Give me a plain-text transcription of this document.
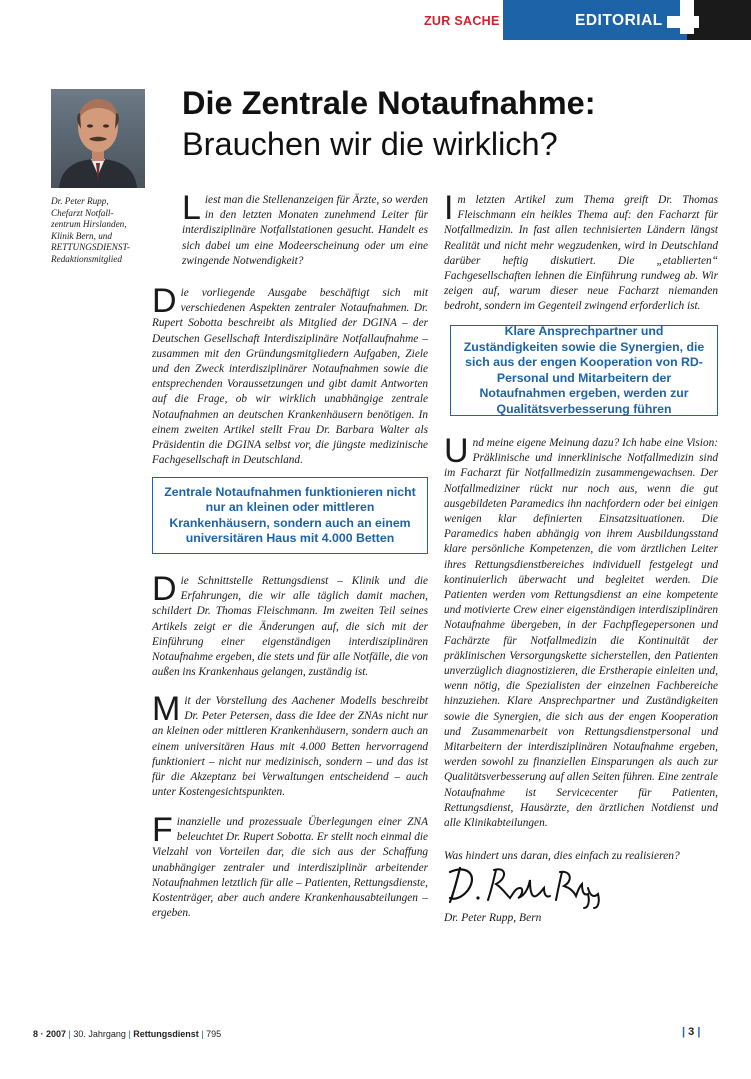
ZUR SACHE	EDITORIAL
Dr. Peter Rupp,
Chefarzt Notfall-
zentrum Hirslanden,
Klinik Bern, und
RETTUNGSDIENST-
Redaktionsmitglied
Die Zentrale Notaufnahme:
Brauchen wir die wirklich?

Liest man die Stellenanzeigen für Ärzte, so werden in den letzten Monaten zunehmend Leiter für interdisziplinäre Notfallstationen gesucht. Handelt es sich dabei um eine Modeerscheinung oder um eine zwingende Notwendigkeit?

Die vorliegende Ausgabe beschäftigt sich mit verschiedenen Aspekten zentraler Notaufnahmen. Dr. Rupert Sobotta beschreibt als Mitglied der DGINA – der Deutschen Gesellschaft Interdisziplinäre Notfallaufnahme – zusammen mit den Gründungsmitgliedern Aufgaben, Ziele und den Zweck interdisziplinärer Notaufnahmen sowie die entsprechenden Voraussetzungen und gibt damit Antworten auf die Frage, ob wir wirklich unabhängige zentrale Notaufnahmen an deutschen Krankenhäusern benötigen. In einem zweiten Artikel stellt Frau Dr. Barbara Walter als Präsidentin die DGINA selbst vor, die jüngste medizinische Fachgesellschaft in Deutschland.

Zentrale Notaufnahmen funktionieren nicht nur an kleinen oder mittleren Krankenhäusern, sondern auch an einem universitären Haus mit 4.000 Betten

Die Schnittstelle Rettungsdienst – Klinik und die Erfahrungen, die wir alle täglich damit machen, schildert Dr. Thomas Fleischmann. Im zweiten Teil seines Artikels zeigt er die Änderungen auf, die sich mit der Einführung einer eigenständigen interdisziplinären Notaufnahme ergeben, die stets und für alle Notfälle, die von außen ins Krankenhaus gelangen, zuständig ist.

Mit der Vorstellung des Aachener Modells beschreibt Dr. Peter Petersen, dass die Idee der ZNAs nicht nur an kleinen oder mittleren Krankenhäusern, sondern auch an einem universitären Haus mit 4.000 Betten hervorragend funktioniert – nicht nur medizinisch, sondern – und das ist für die Akzeptanz bei Verwaltungen entscheidend – auch unter Kostengesichtspunkten.

Finanzielle und prozessuale Überlegungen einer ZNA beleuchtet Dr. Rupert Sobotta. Er stellt noch einmal die Vielzahl von Vorteilen dar, die sich aus der Schaffung unabhängiger zentraler und interdisziplinär arbeitender Notaufnahmen letztlich für alle – Patienten, Rettungsdienste, Kostenträger, aber auch andere Krankenhausabteilungen – ergeben.

Im letzten Artikel zum Thema greift Dr. Thomas Fleischmann ein heikles Thema auf: den Facharzt für Notfallmedizin. In fast allen technisierten Ländern längst Realität und nicht mehr wegzudenken, wird in Deutschland darüber heftig diskutiert. Die „etablierten“ Fachgesellschaften lehnen die Einführung rundweg ab. Wir zeigen auf, warum dieser neue Facharzt niemanden bedroht, sondern im Gegenteil zwingend erforderlich ist.

Klare Ansprechpartner und Zuständigkeiten sowie die Synergien, die sich aus der engen Kooperation von RD-Personal und Mitarbeitern der Notaufnahmen ergeben, werden zur Qualitätsverbesserung führen

Und meine eigene Meinung dazu? Ich habe eine Vision: Präklinische und innerklinische Notfallmedizin sind im Facharzt für Notfallmedizin zusammengewachsen. Der Notfallmediziner rückt nur noch aus, wenn die gut ausgebildeten Paramedics ihn nachfordern oder bei einigen wenigen klar definierten Einsatzsituationen. Die Paramedics haben abhängig von ihrem Ausbildungsstand klare persönliche Kompetenzen, die vom ärztlichen Leiter ihres Rettungsdienstbereiches individuell festgelegt und kontinuierlich überwacht und begleitet werden. Die Patienten werden vom Rettungsdienst an eine kompetente und motivierte Crew einer eigenständigen interdisziplinären Notaufnahme übergeben, in der Fachpflegepersonen und Fachärzte für Notfallmedizin die Kontinuität der präklinischen Versorgungskette sicherstellen, den Patienten unverzüglich diagnostizieren, die Erstherapie einleiten und, wenn nötig, die Spezialisten der einzelnen Fachbereiche hinzuziehen. Klare Ansprechpartner und Zuständigkeiten sowie die Synergien, die sich aus der engen Kooperation und Zusammenarbeit von Rettungsdienstpersonal und Mitarbeitern der interdisziplinären Notaufnahme ergeben, werden sowohl zu finanziellen Einsparungen als auch zur Qualitätsverbesserung auf allen Seiten führen. Eine zentrale Notaufnahme ist Servicecenter für Patienten, Rettungsdienst, Hausärzte, den ärztlichen Notdienst und alle Klinikabteilungen.

Was hindert uns daran, dies einfach zu realisieren?
Dr. Peter Rupp, Bern
8 · 2007 | 30. Jahrgang | Rettungsdienst | 795	| 3 |
